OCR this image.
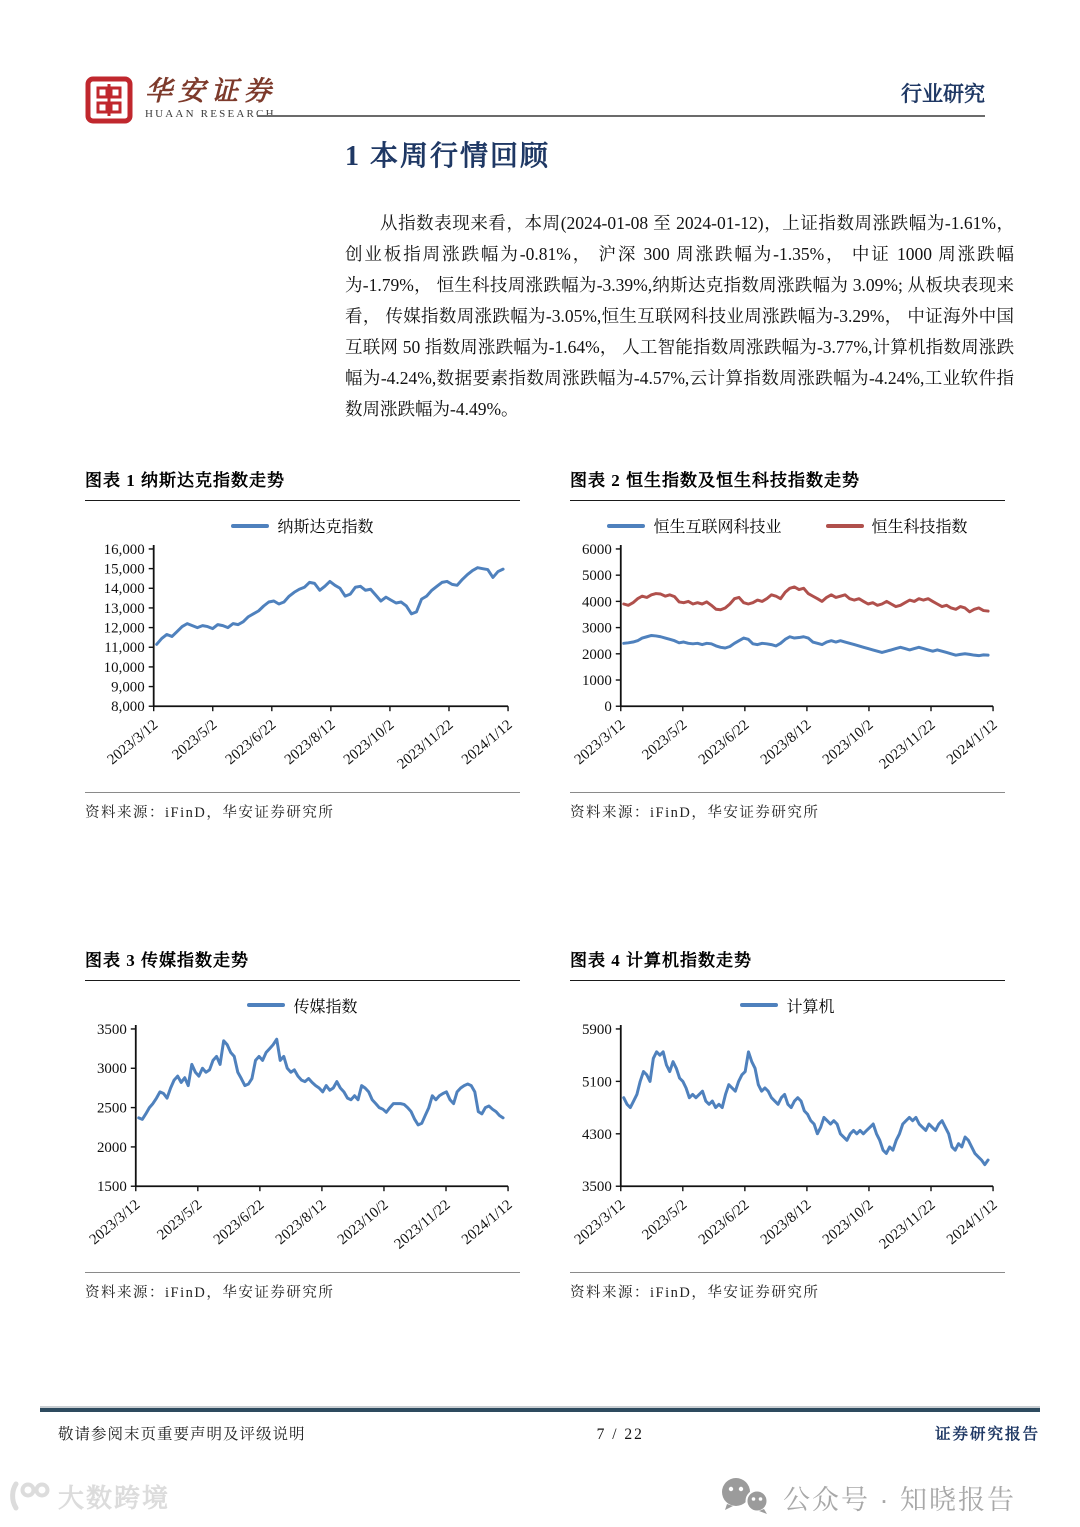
华安证券
HUAAN RESEARCH
行业研究
1 本周行情回顾

从指数表现来看，本周(2024-01-08 至 2024-01-12)，上证指数周涨跌幅为-1.61%， 创业板指周涨跌幅为-0.81%， 沪深 300 周涨跌幅为-1.35%， 中证 1000 周涨跌幅为-1.79%， 恒生科技周涨跌幅为-3.39%,纳斯达克指数周涨跌幅为 3.09%; 从板块表现来看， 传媒指数周涨跌幅为-3.05%,恒生互联网科技业周涨跌幅为-3.29%， 中证海外中国互联网 50 指数周涨跌幅为-1.64%， 人工智能指数周涨跌幅为-3.77%,计算机指数周涨跌幅为-4.24%,数据要素指数周涨跌幅为-4.57%,云计算指数周涨跌幅为-4.24%,工业软件指数周涨跌幅为-4.49%。

图表 1 纳斯达克指数走势
纳斯达克指数
16,000
15,000
14,000
13,000
12,000
11,000
10,000
9,000
8,000
2023/3/12 2023/5/2 2023/6/22 2023/8/12 2023/10/2
2023/11/22 2024/1/12
资料来源：iFinD，华安证券研究所
图表 2 恒生指数及恒生科技指数走势
恒生互联网科技业	恒生科技指数
6000
5000
4000
3000
2000
1000
0
2023/3/12 2023/5/2 2023/6/22 2023/8/12 2023/10/2 2023/11/22 2024/1/12
资料来源：iFinD，华安证券研究所
图表 3 传媒指数走势
传媒指数
3500
3000
2500
2000
1500
2023/3/12 2023/5/2 2023/6/22 2023/8/12 2023/10/2 2023/11/22 2024/1/12
资料来源：iFinD，华安证券研究所
图表 4 计算机指数走势
计算机
5900
5100
4300
3500
2023/3/12 2023/5/2 2023/6/22 2023/8/12 2023/10/2 2023/11/22 2024/1/12
资料来源：iFinD，华安证券研究所
敬请参阅末页重要声明及评级说明	7 / 22	证券研究报告
大数跨境	公众号 · 知晓报告
